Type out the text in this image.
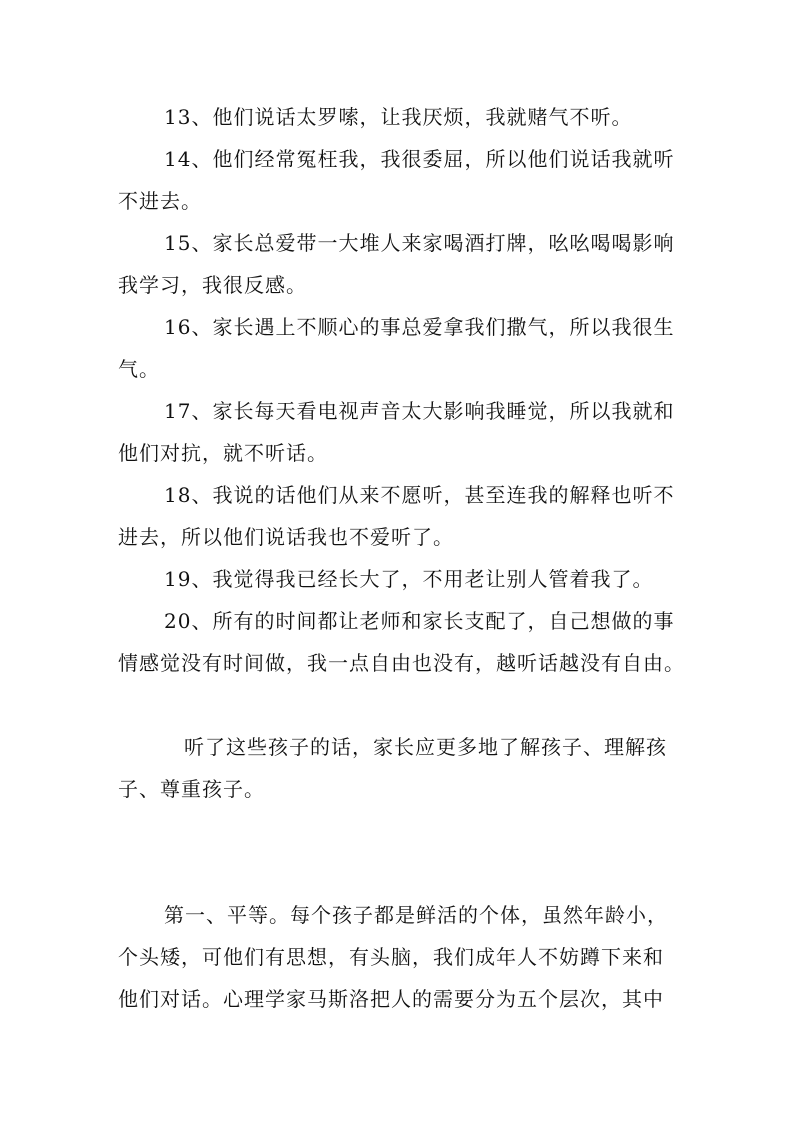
13、他们说话太罗嗦，让我厌烦，我就赌气不听。
14、他们经常冤枉我，我很委屈，所以他们说话我就听
不进去。
15、家长总爱带一大堆人来家喝酒打牌，吆吆喝喝影响
我学习，我很反感。
16、家长遇上不顺心的事总爱拿我们撒气，所以我很生
气。
17、家长每天看电视声音太大影响我睡觉，所以我就和
他们对抗，就不听话。
18、我说的话他们从来不愿听，甚至连我的解释也听不
进去，所以他们说话我也不爱听了。
19、我觉得我已经长大了，不用老让别人管着我了。
20、所有的时间都让老师和家长支配了，自己想做的事
情感觉没有时间做，我一点自由也没有，越听话越没有自由。
听了这些孩子的话，家长应更多地了解孩子、理解孩
子、尊重孩子。
第一、平等。每个孩子都是鲜活的个体，虽然年龄小，
个头矮，可他们有思想，有头脑，我们成年人不妨蹲下来和
他们对话。心理学家马斯洛把人的需要分为五个层次，其中
